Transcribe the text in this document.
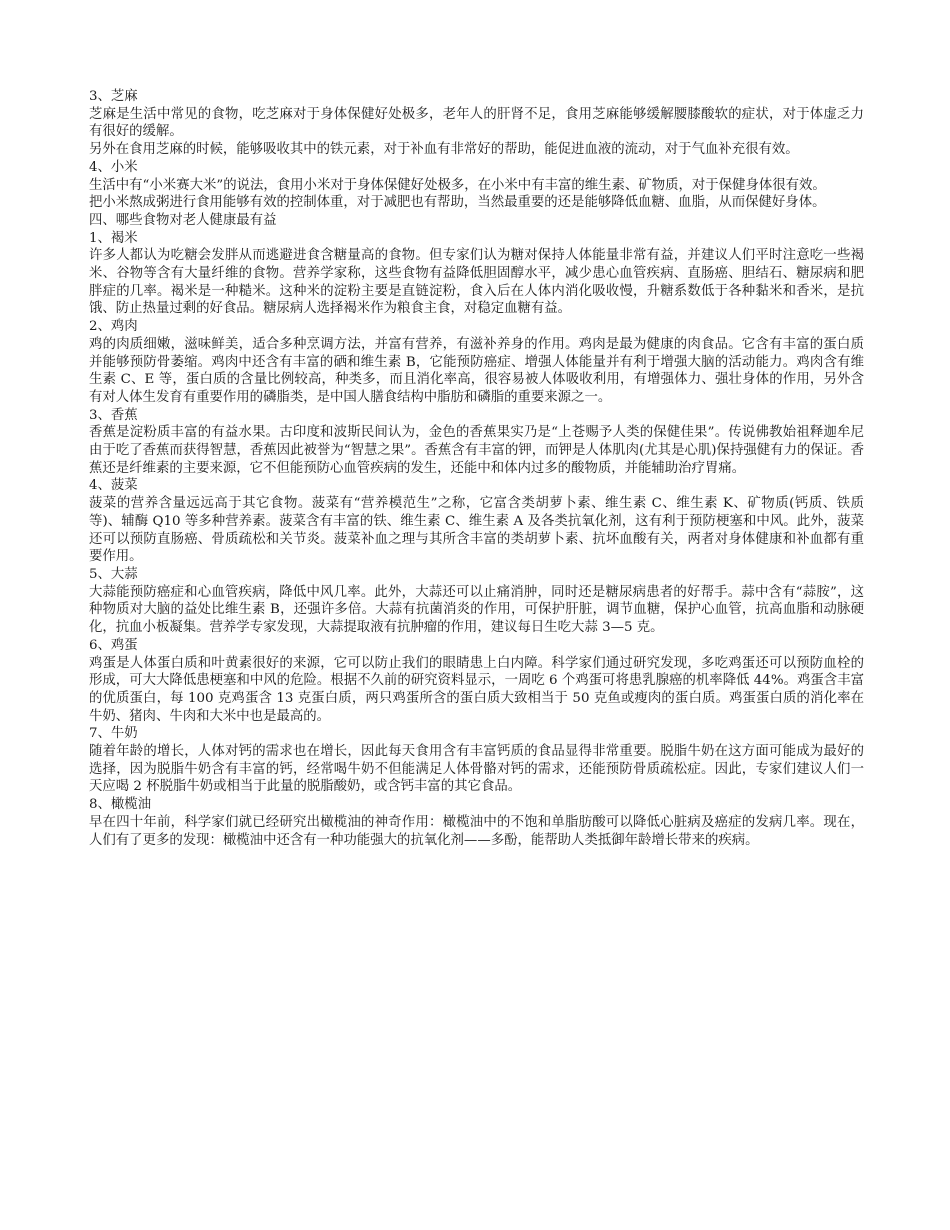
3、芝麻

芝麻是生活中常见的食物，吃芝麻对于身体保健好处极多，老年人的肝肾不足，食用芝麻能够缓解腰膝酸软的症状，对于体虚乏力有很好的缓解。

另外在食用芝麻的时候，能够吸收其中的铁元素，对于补血有非常好的帮助，能促进血液的流动，对于气血补充很有效。

4、小米

生活中有“小米赛大米”的说法，食用小米对于身体保健好处极多，在小米中有丰富的维生素、矿物质，对于保健身体很有效。

把小米熬成粥进行食用能够有效的控制体重，对于减肥也有帮助，当然最重要的还是能够降低血糖、血脂，从而保健好身体。

四、哪些食物对老人健康最有益

1、褐米

许多人都认为吃糖会发胖从而逃避进食含糖量高的食物。但专家们认为糖对保持人体能量非常有益，并建议人们平时注意吃一些褐米、谷物等含有大量纤维的食物。营养学家称，这些食物有益降低胆固醇水平，减少患心血管疾病、直肠癌、胆结石、糖尿病和肥胖症的几率。褐米是一种糙米。这种米的淀粉主要是直链淀粉，食入后在人体内消化吸收慢，升糖系数低于各种黏米和香米，是抗饿、防止热量过剩的好食品。糖尿病人选择褐米作为粮食主食，对稳定血糖有益。

2、鸡肉

鸡的肉质细嫩，滋味鲜美，适合多种烹调方法，并富有营养，有滋补养身的作用。鸡肉是最为健康的肉食品。它含有丰富的蛋白质并能够预防骨萎缩。鸡肉中还含有丰富的硒和维生素 B，它能预防癌症、增强人体能量并有利于增强大脑的活动能力。鸡肉含有维生素 C、E 等，蛋白质的含量比例较高，种类多，而且消化率高，很容易被人体吸收利用，有增强体力、强壮身体的作用，另外含有对人体生发育有重要作用的磷脂类，是中国人膳食结构中脂肪和磷脂的重要来源之一。

3、香蕉

香蕉是淀粉质丰富的有益水果。古印度和波斯民间认为，金色的香蕉果实乃是“上苍赐予人类的保健佳果”。传说佛教始祖释迦牟尼由于吃了香蕉而获得智慧，香蕉因此被誉为“智慧之果”。香蕉含有丰富的钾，而钾是人体肌肉(尤其是心肌)保持强健有力的保证。香蕉还是纤维素的主要来源，它不但能预防心血管疾病的发生，还能中和体内过多的酸物质，并能辅助治疗胃痛。

4、菠菜

菠菜的营养含量远远高于其它食物。菠菜有“营养模范生”之称，它富含类胡萝卜素、维生素 C、维生素 K、矿物质(钙质、铁质等)、辅酶 Q10 等多种营养素。菠菜含有丰富的铁、维生素 C、维生素 A 及各类抗氧化剂，这有利于预防梗塞和中风。此外，菠菜还可以预防直肠癌、骨质疏松和关节炎。菠菜补血之理与其所含丰富的类胡萝卜素、抗坏血酸有关，两者对身体健康和补血都有重要作用。

5、大蒜

大蒜能预防癌症和心血管疾病，降低中风几率。此外，大蒜还可以止痛消肿，同时还是糖尿病患者的好帮手。蒜中含有“蒜胺”，这种物质对大脑的益处比维生素 B，还强许多倍。大蒜有抗菌消炎的作用，可保护肝脏，调节血糖，保护心血管，抗高血脂和动脉硬化，抗血小板凝集。营养学专家发现，大蒜提取液有抗肿瘤的作用，建议每日生吃大蒜 3—5 克。

6、鸡蛋

鸡蛋是人体蛋白质和叶黄素很好的来源，它可以防止我们的眼睛患上白内障。科学家们通过研究发现，多吃鸡蛋还可以预防血栓的形成，可大大降低患梗塞和中风的危险。根据不久前的研究资料显示，一周吃 6 个鸡蛋可将患乳腺癌的机率降低 44%。鸡蛋含丰富的优质蛋白，每 100 克鸡蛋含 13 克蛋白质，两只鸡蛋所含的蛋白质大致相当于 50 克鱼或瘦肉的蛋白质。鸡蛋蛋白质的消化率在牛奶、猪肉、牛肉和大米中也是最高的。

7、牛奶

随着年龄的增长，人体对钙的需求也在增长，因此每天食用含有丰富钙质的食品显得非常重要。脱脂牛奶在这方面可能成为最好的选择，因为脱脂牛奶含有丰富的钙，经常喝牛奶不但能满足人体骨骼对钙的需求，还能预防骨质疏松症。因此，专家们建议人们一天应喝 2 杯脱脂牛奶或相当于此量的脱脂酸奶，或含钙丰富的其它食品。

8、橄榄油

早在四十年前，科学家们就已经研究出橄榄油的神奇作用：橄榄油中的不饱和单脂肪酸可以降低心脏病及癌症的发病几率。现在，人们有了更多的发现：橄榄油中还含有一种功能强大的抗氧化剂——多酚，能帮助人类抵御年龄增长带来的疾病。
